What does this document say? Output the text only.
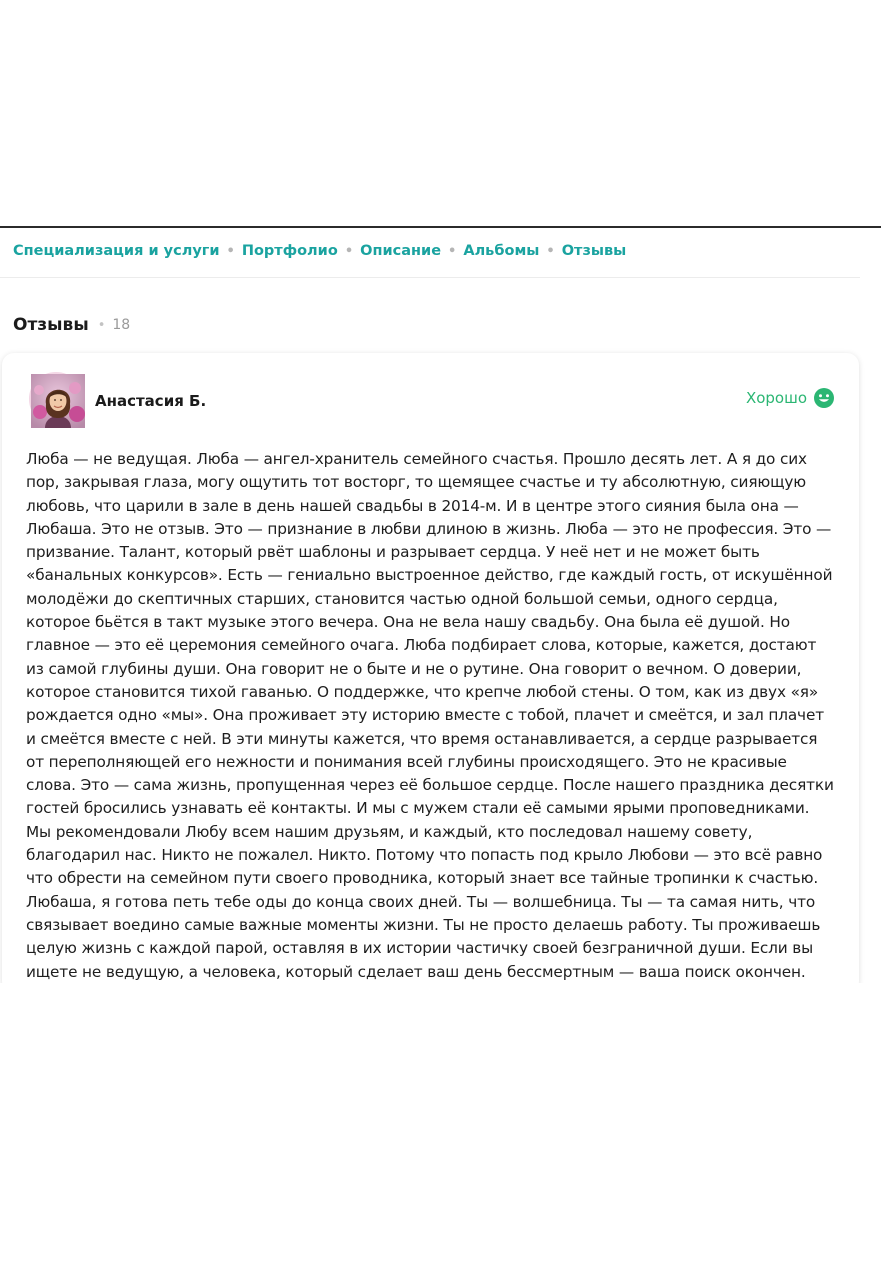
Специализация и услуги • Портфолио • Описание • Альбомы • Отзывы
Отзывы • 18
Анастасия Б.	Хорошо

Люба — не ведущая. Люба — ангел-хранитель семейного счастья. Прошло десять лет. А я до сих пор, закрывая глаза, могу ощутить тот восторг, то щемящее счастье и ту абсолютную, сияющую любовь, что царили в зале в день нашей свадьбы в 2014-м. И в центре этого сияния была она — Любаша. Это не отзыв. Это — признание в любви длиною в жизнь. Люба — это не профессия. Это — призвание. Талант, который рвёт шаблоны и разрывает сердца. У неё нет и не может быть «банальных конкурсов». Есть — гениально выстроенное действо, где каждый гость, от искушённой молодёжи до скептичных старших, становится частью одной большой семьи, одного сердца, которое бьётся в такт музыке этого вечера. Она не вела нашу свадьбу. Она была её душой. Но главное — это её церемония семейного очага. Люба подбирает слова, которые, кажется, достают из самой глубины души. Она говорит не о быте и не о рутине. Она говорит о вечном. О доверии, которое становится тихой гаванью. О поддержке, что крепче любой стены. О том, как из двух «я» рождается одно «мы». Она проживает эту историю вместе с тобой, плачет и смеётся, и зал плачет и смеётся вместе с ней. В эти минуты кажется, что время останавливается, а сердце разрывается от переполняющей его нежности и понимания всей глубины происходящего. Это не красивые слова. Это — сама жизнь, пропущенная через её большое сердце. После нашего праздника десятки гостей бросились узнавать её контакты. И мы с мужем стали её самыми ярыми проповедниками. Мы рекомендовали Любу всем нашим друзьям, и каждый, кто последовал нашему совету, благодарил нас. Никто не пожалел. Никто. Потому что попасть под крыло Любови — это всё равно что обрести на семейном пути своего проводника, который знает все тайные тропинки к счастью. Любаша, я готова петь тебе оды до конца своих дней. Ты — волшебница. Ты — та самая нить, что связывает воедино самые важные моменты жизни. Ты не просто делаешь работу. Ты проживаешь целую жизнь с каждой парой, оставляя в их истории частичку своей безграничной души. Если вы ищете не ведущую, а человека, который сделает ваш день бессмертным — ваша поиск окончен.
